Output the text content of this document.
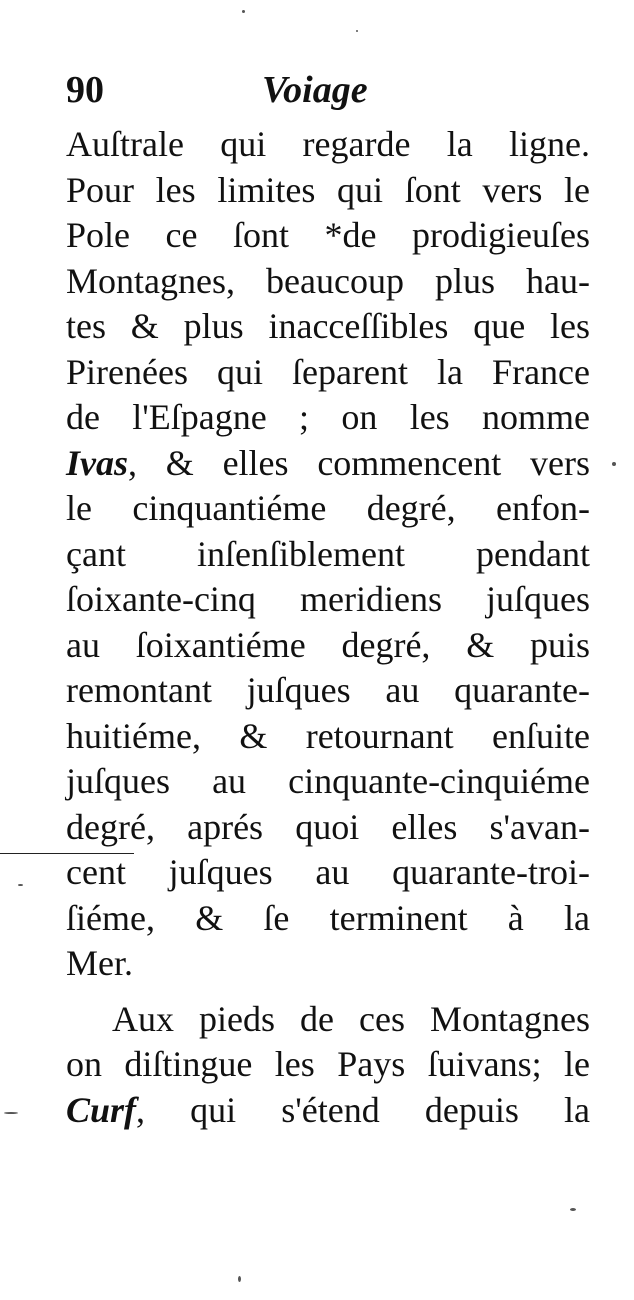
90	Voiage
Auſtrale qui regarde la ligne.
Pour les limites qui ſont vers le
Pole ce ſont *de prodigieuſes
Montagnes, beaucoup plus hau-
tes & plus inacceſſibles que les
Pirenées qui ſeparent la France
de l'Eſpagne ; on les nomme
Ivas, & elles commencent vers
le cinquantiéme degré, enfon-
çant inſenſiblement pendant
ſoixante-cinq meridiens juſques
au ſoixantiéme degré, & puis
remontant juſques au quarante-
huitiéme, & retournant enſuite
juſques au cinquante-cinquiéme
degré, aprés quoi elles s'avan-
cent juſques au quarante-troi-
ſiéme, & ſe terminent à la
Mer.
Aux pieds de ces Montagnes
on diſtingue les Pays ſuivans; le
Curf, qui s'étend depuis la
